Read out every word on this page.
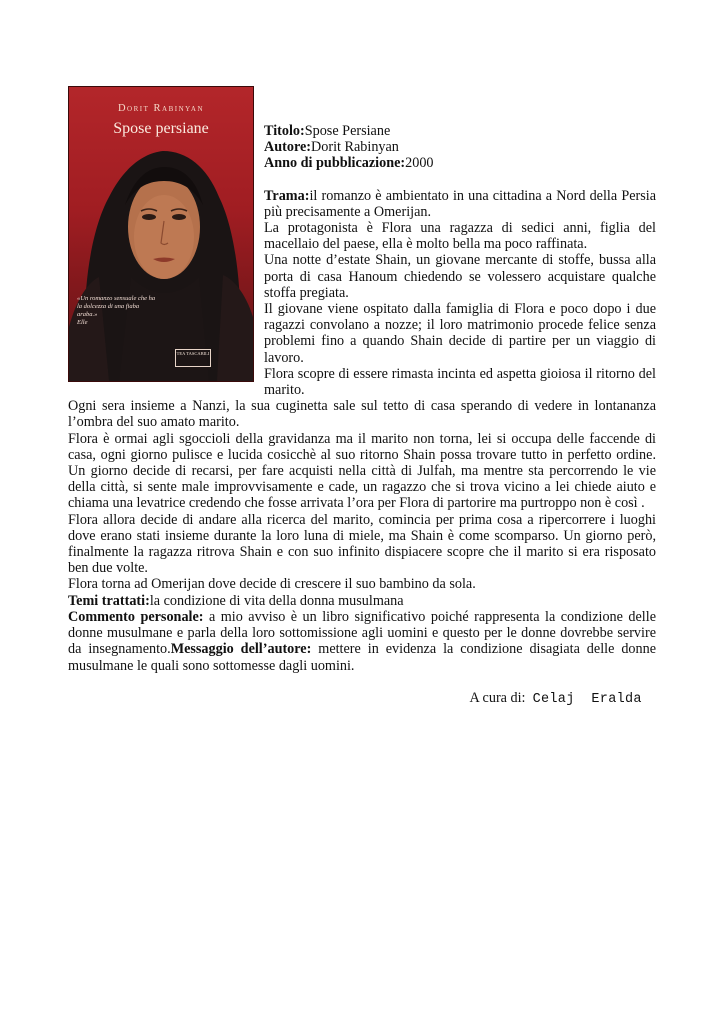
Dorit Rabinyan
Spose persiane
«Un romanzo sensuale che ha la dolcezza di una fiaba araba.»
Elle
TEA TASCABILI
Titolo:Spose Persiane
Autore:Dorit Rabinyan
Anno di pubblicazione:2000

Trama:il romanzo è ambientato in una cittadina a Nord della Persia più precisamente a Omerijan.

La protagonista è Flora una ragazza di sedici anni, figlia del macellaio del paese, ella è molto bella ma poco raffinata.

Una notte d’estate Shain, un giovane mercante di stoffe, bussa alla porta di casa Hanoum chiedendo se volessero acquistare qualche stoffa pregiata.

Il giovane viene ospitato dalla famiglia di Flora e poco dopo i due ragazzi convolano a nozze; il loro matrimonio procede felice senza problemi fino a quando Shain decide di partire per un viaggio di lavoro.

Flora scopre di essere rimasta incinta ed aspetta gioiosa il ritorno del marito.

Ogni sera insieme a Nanzi, la sua cuginetta sale sul tetto di casa sperando di vedere in lontananza l’ombra del suo amato marito.

Flora è ormai agli sgoccioli della gravidanza ma il marito non torna, lei si occupa delle faccende di casa, ogni giorno pulisce e lucida cosicchè al suo ritorno Shain possa trovare tutto in perfetto ordine. Un giorno decide di recarsi, per fare acquisti nella città di Julfah, ma mentre sta percorrendo le vie della città, si sente male improvvisamente e cade, un ragazzo che si trova vicino a lei chiede aiuto e chiama una levatrice credendo che fosse arrivata l’ora per Flora di partorire ma purtroppo non è così .

Flora allora decide di andare alla ricerca del marito, comincia per prima cosa a ripercorrere i luoghi dove erano stati insieme durante la loro luna di miele, ma Shain è come scomparso. Un giorno però, finalmente la ragazza ritrova Shain e con suo infinito dispiacere scopre che il marito si era risposato ben due volte.

Flora torna ad Omerijan dove decide di crescere il suo bambino da sola.

Temi trattati:la condizione di vita della donna musulmana

Commento personale: a mio avviso è un libro significativo poiché rappresenta la condizione delle donne musulmane e parla della loro sottomissione agli uomini e questo per le donne dovrebbe servire da insegnamento.Messaggio dell’autore: mettere in evidenza la condizione disagiata delle donne musulmane le quali sono sottomesse dagli uomini.

A cura di: Celaj  Eralda
